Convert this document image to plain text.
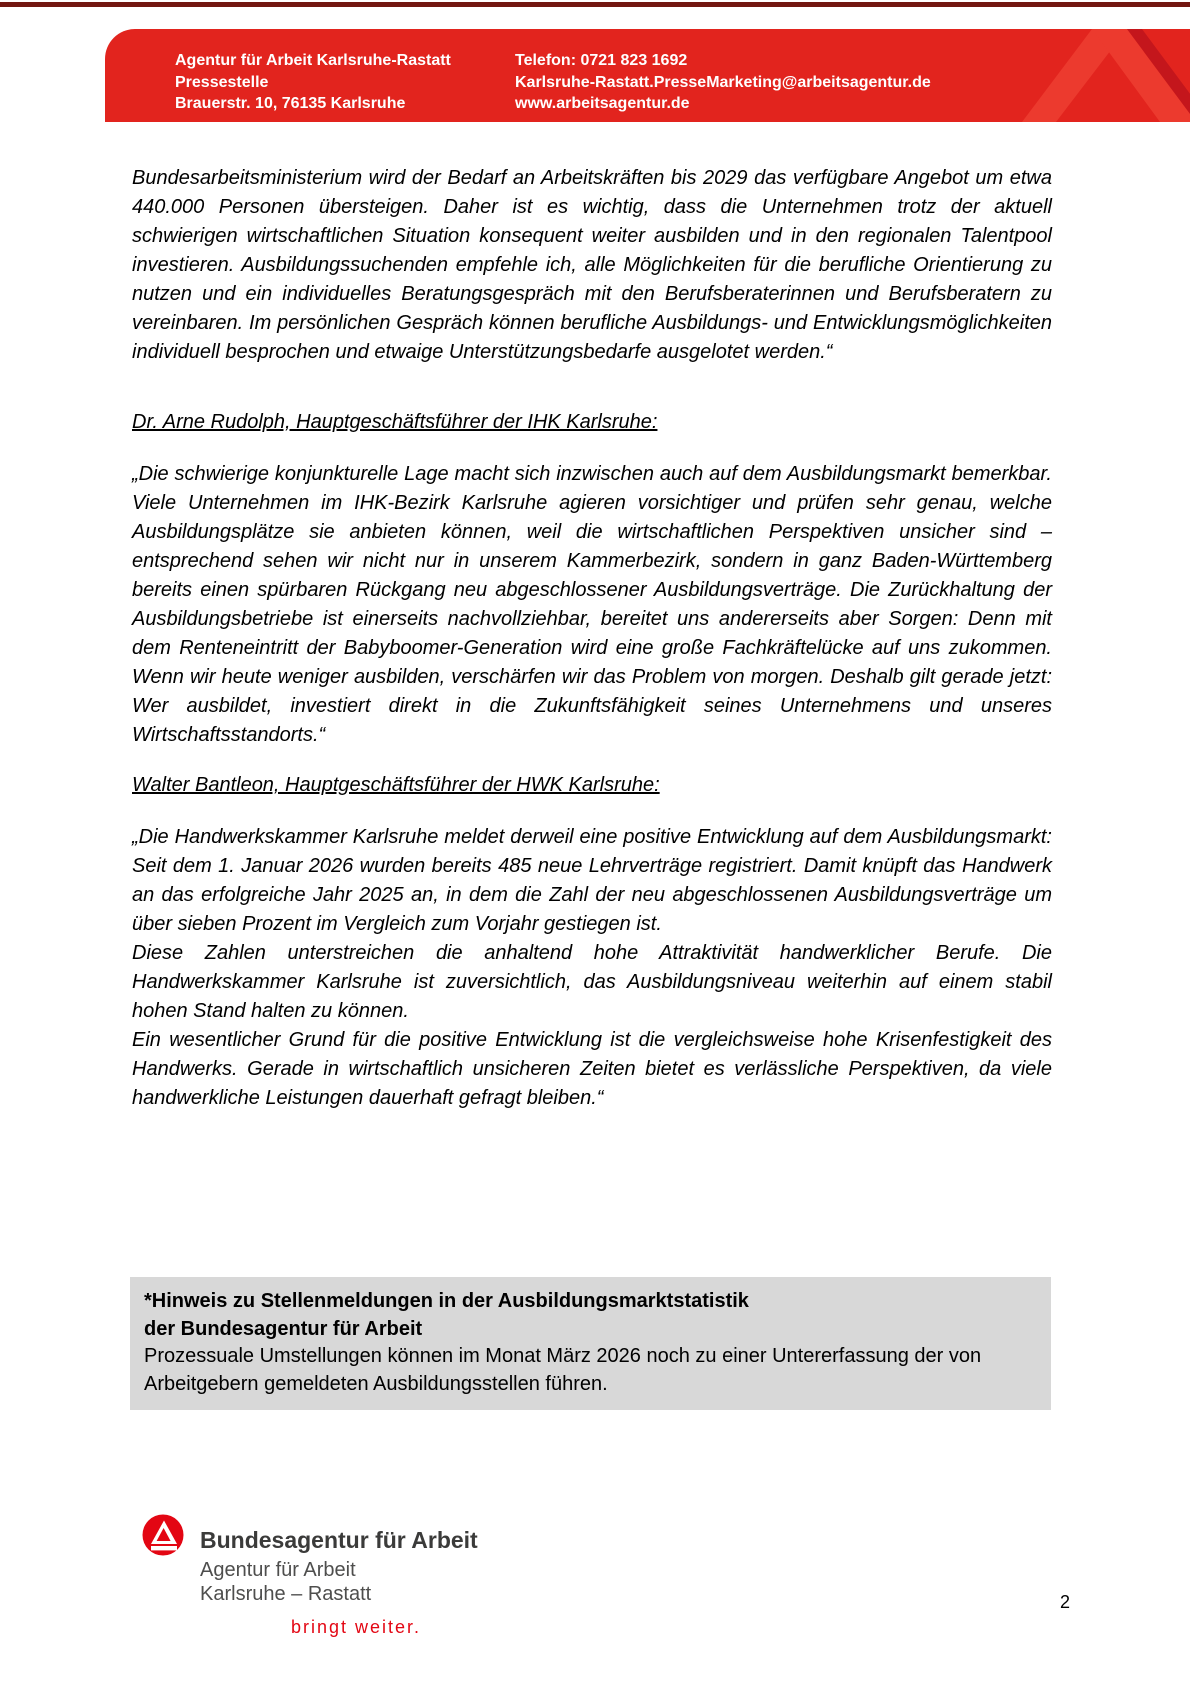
Agentur für Arbeit Karlsruhe-Rastatt
Pressestelle
Brauerstr. 10, 76135 Karlsruhe
Telefon: 0721 823 1692
Karlsruhe-Rastatt.PresseMarketing@arbeitsagentur.de
www.arbeitsagentur.de

Bundesarbeitsministerium wird der Bedarf an Arbeitskräften bis 2029 das verfügbare Angebot um etwa 440.000 Personen übersteigen. Daher ist es wichtig, dass die Unternehmen trotz der aktuell schwierigen wirtschaftlichen Situation konsequent weiter ausbilden und in den regionalen Talentpool investieren. Ausbildungssuchenden empfehle ich, alle Möglichkeiten für die berufliche Orientierung zu nutzen und ein individuelles Beratungsgespräch mit den Berufsberaterinnen und Berufsberatern zu vereinbaren. Im persönlichen Gespräch können berufliche Ausbildungs- und Entwicklungsmöglichkeiten individuell besprochen und etwaige Unterstützungsbedarfe ausgelotet werden.“

Dr. Arne Rudolph, Hauptgeschäftsführer der IHK Karlsruhe:

„Die schwierige konjunkturelle Lage macht sich inzwischen auch auf dem Ausbildungsmarkt bemerkbar. Viele Unternehmen im IHK-Bezirk Karlsruhe agieren vorsichtiger und prüfen sehr genau, welche Ausbildungsplätze sie anbieten können, weil die wirtschaftlichen Perspektiven unsicher sind – entsprechend sehen wir nicht nur in unserem Kammerbezirk, sondern in ganz Baden-Württemberg bereits einen spürbaren Rückgang neu abgeschlossener Ausbildungsverträge. Die Zurückhaltung der Ausbildungsbetriebe ist einerseits nachvollziehbar, bereitet uns andererseits aber Sorgen: Denn mit dem Renteneintritt der Babyboomer-Generation wird eine große Fachkräftelücke auf uns zukommen. Wenn wir heute weniger ausbilden, verschärfen wir das Problem von morgen. Deshalb gilt gerade jetzt: Wer ausbildet, investiert direkt in die Zukunftsfähigkeit seines Unternehmens und unseres Wirtschaftsstandorts.“

Walter Bantleon, Hauptgeschäftsführer der HWK Karlsruhe:

„Die Handwerkskammer Karlsruhe meldet derweil eine positive Entwicklung auf dem Ausbildungsmarkt: Seit dem 1. Januar 2026 wurden bereits 485 neue Lehrverträge registriert. Damit knüpft das Handwerk an das erfolgreiche Jahr 2025 an, in dem die Zahl der neu abgeschlossenen Ausbildungsverträge um über sieben Prozent im Vergleich zum Vorjahr gestiegen ist.

Diese Zahlen unterstreichen die anhaltend hohe Attraktivität handwerklicher Berufe. Die Handwerkskammer Karlsruhe ist zuversichtlich, das Ausbildungsniveau weiterhin auf einem stabil hohen Stand halten zu können.

Ein wesentlicher Grund für die positive Entwicklung ist die vergleichsweise hohe Krisenfestigkeit des Handwerks. Gerade in wirtschaftlich unsicheren Zeiten bietet es verlässliche Perspektiven, da viele handwerkliche Leistungen dauerhaft gefragt bleiben.“

*Hinweis zu Stellenmeldungen in der Ausbildungsmarktstatistik
der Bundesagentur für Arbeit

Prozessuale Umstellungen können im Monat März 2026 noch zu einer Untererfassung der von Arbeitgebern gemeldeten Ausbildungsstellen führen.

Bundesagentur für Arbeit
Agentur für Arbeit
Karlsruhe – Rastatt
bringt weiter.
2
